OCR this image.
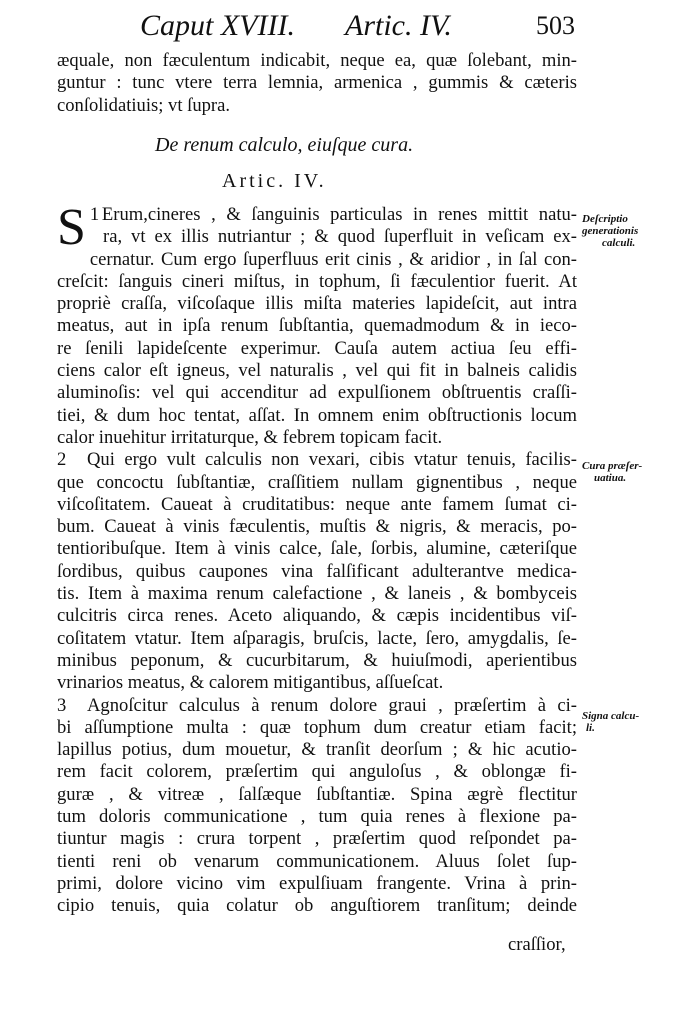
Caput XVIII. Artic. IV.	503
æquale, non fæculentum indicabit, neque ea, quæ ſolebant, min-
guntur : tunc vtere terra lemnia, armenica , gummis & cæteris
conſolidatiuis; vt ſupra.
De renum calculo, eiuſque cura.
Artic. IV.
1
S Erum,cineres , & ſanguinis particulas in renes mittit natu-
ra, vt ex illis nutriantur ; & quod ſuperfluit in veſicam ex-
cernatur. Cum ergo ſuperfluus erit cinis , & aridior , in ſal con-
creſcit: ſanguis cineri miſtus, in tophum, ſi fæculentior fuerit. At
propriè craſſa, viſcoſaque illis miſta materies lapideſcit, aut intra
meatus, aut in ipſa renum ſubſtantia, quemadmodum & in iecо-
re ſenili lapideſcente experimur. Cauſa autem actiua ſeu effi-
ciens calor eſt igneus, vel naturalis , vel qui fit in balneis calidis
aluminoſis: vel qui accenditur ad expulſionem obſtruentis craſſi-
tiei, & dum hoc tentat, aſſat. In omnem enim obſtructionis locum
calor inuehitur irritaturque, & febrem topicam facit.
2 Qui ergo vult calculis non vexari, cibis vtatur tenuis, facilis-
que concoctu ſubſtantiæ, craſſitiem nullam gignentibus , neque
viſcoſitatem. Caueat à cruditatibus: neque ante famem ſumat ci-
bum. Caueat à vinis fæculentis, muſtis & nigris, & meracis, po-
tentioribuſque. Item à vinis calce, ſale, ſorbis, alumine, cæteriſque
ſordibus, quibus caupones vina falſificant adulterantve medica-
tis. Item à maxima renum calefactione , & laneis , & bombyceis
culcitris circa renes. Aceto aliquando, & cæpis incidentibus viſ-
coſitatem vtatur. Item aſparagis, bruſcis, lacte, ſero, amygdalis, ſe-
minibus peponum, & cucurbitarum, & huiuſmodi, aperientibus
vrinarios meatus, & calorem mitigantibus, aſſueſcat.
3 Agnoſcitur calculus à renum dolore graui , præſertim à ci-
bi aſſumptione multa : quæ tophum dum creatur etiam facit;
lapillus potius, dum mouetur, & tranſit deorſum ; & hic acutio-
rem facit colorem, præſertim qui anguloſus , & oblongæ fi-
guræ , & vitreæ , ſalſæque ſubſtantiæ. Spina ægrè flectitur
tum doloris communicatione , tum quia renes à flexione pa-
tiuntur magis : crura torpent , præſertim quod reſpondet pa-
tienti reni ob venarum communicationem. Aluus ſolet ſup-
primi, dolore vicino vim expulſiuam frangente. Vrina à prin-
cipio tenuis, quia colatur ob anguſtiorem tranſitum; deinde
craſſior,
Deſcriptio
generationis
calculi.
Cura præſer-
uatiua.
Signa calcu-
li.
